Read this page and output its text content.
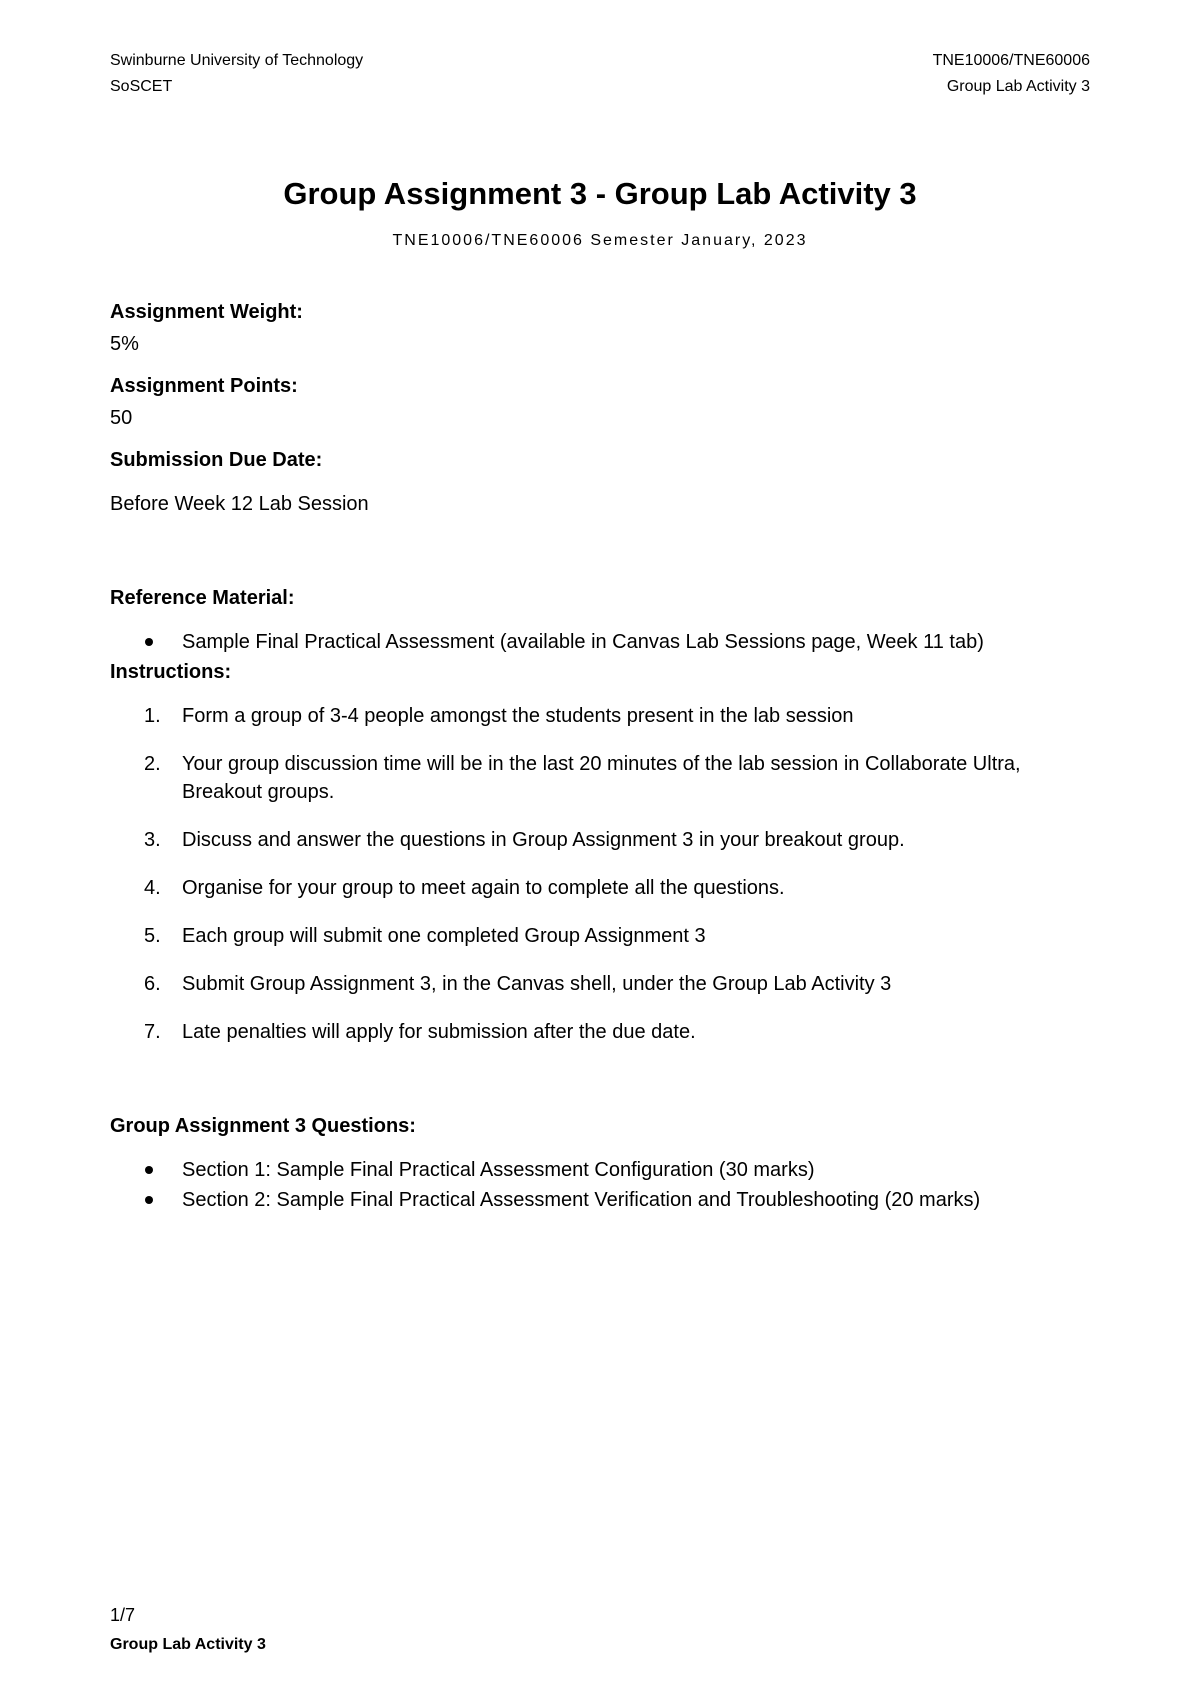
Swinburne University of Technology
SoSCET
TNE10006/TNE60006
Group Lab Activity 3
Group Assignment 3 - Group Lab Activity 3
TNE10006/TNE60006 Semester January, 2023
Assignment Weight:
5%
Assignment Points:
50
Submission Due Date:
Before Week 12 Lab Session
Reference Material:
Sample Final Practical Assessment (available in Canvas Lab Sessions page, Week 11 tab)
Instructions:
1. Form a group of 3-4 people amongst the students present in the lab session
2. Your group discussion time will be in the last 20 minutes of the lab session in Collaborate Ultra, Breakout groups.
3. Discuss and answer the questions in Group Assignment 3 in your breakout group.
4. Organise for your group to meet again to complete all the questions.
5. Each group will submit one completed Group Assignment 3
6. Submit Group Assignment 3, in the Canvas shell, under the Group Lab Activity 3
7. Late penalties will apply for submission after the due date.
Group Assignment 3 Questions:
Section 1: Sample Final Practical Assessment Configuration (30 marks)
Section 2: Sample Final Practical Assessment Verification and Troubleshooting (20 marks)
1/7
Group Lab Activity 3
